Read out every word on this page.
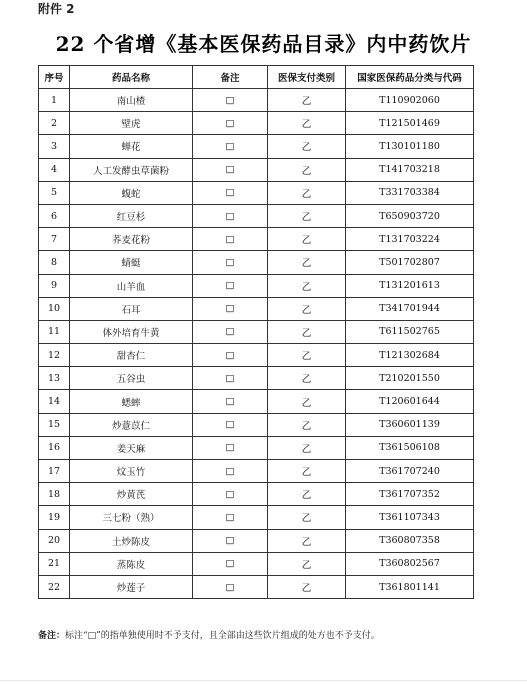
附件 2
22 个省增《基本医保药品目录》内中药饮片
序号	药品名称	备注	医保支付类别	国家医保药品分类与代码
1	南山楂	□	乙	T110902060
2	壁虎	□	乙	T121501469
3	蝉花	□	乙	T130101180
4	人工发酵虫草菌粉	□	乙	T141703218
5	蝮蛇	□	乙	T331703384
6	红豆杉	□	乙	T650903720
7	荞麦花粉	□	乙	T131703224
8	蜻蜓	□	乙	T501702807
9	山羊血	□	乙	T131201613
10	石耳	□	乙	T341701944
11	体外培育牛黄	□	乙	T611502765
12	甜杏仁	□	乙	T121302684
13	五谷虫	□	乙	T210201550
14	蟋蟀	□	乙	T120601644
15	炒薏苡仁	□	乙	T360601139
16	姜天麻	□	乙	T361506108
17	炆玉竹	□	乙	T361707240
18	炒黄芪	□	乙	T361707352
19	三七粉（熟）	□	乙	T361107343
20	土炒陈皮	□	乙	T360807358
21	蒸陈皮	□	乙	T360802567
22	炒莲子	□	乙	T361801141
备注：标注“□”的指单独使用时不予支付，且全部由这些饮片组成的处方也不予支付。
